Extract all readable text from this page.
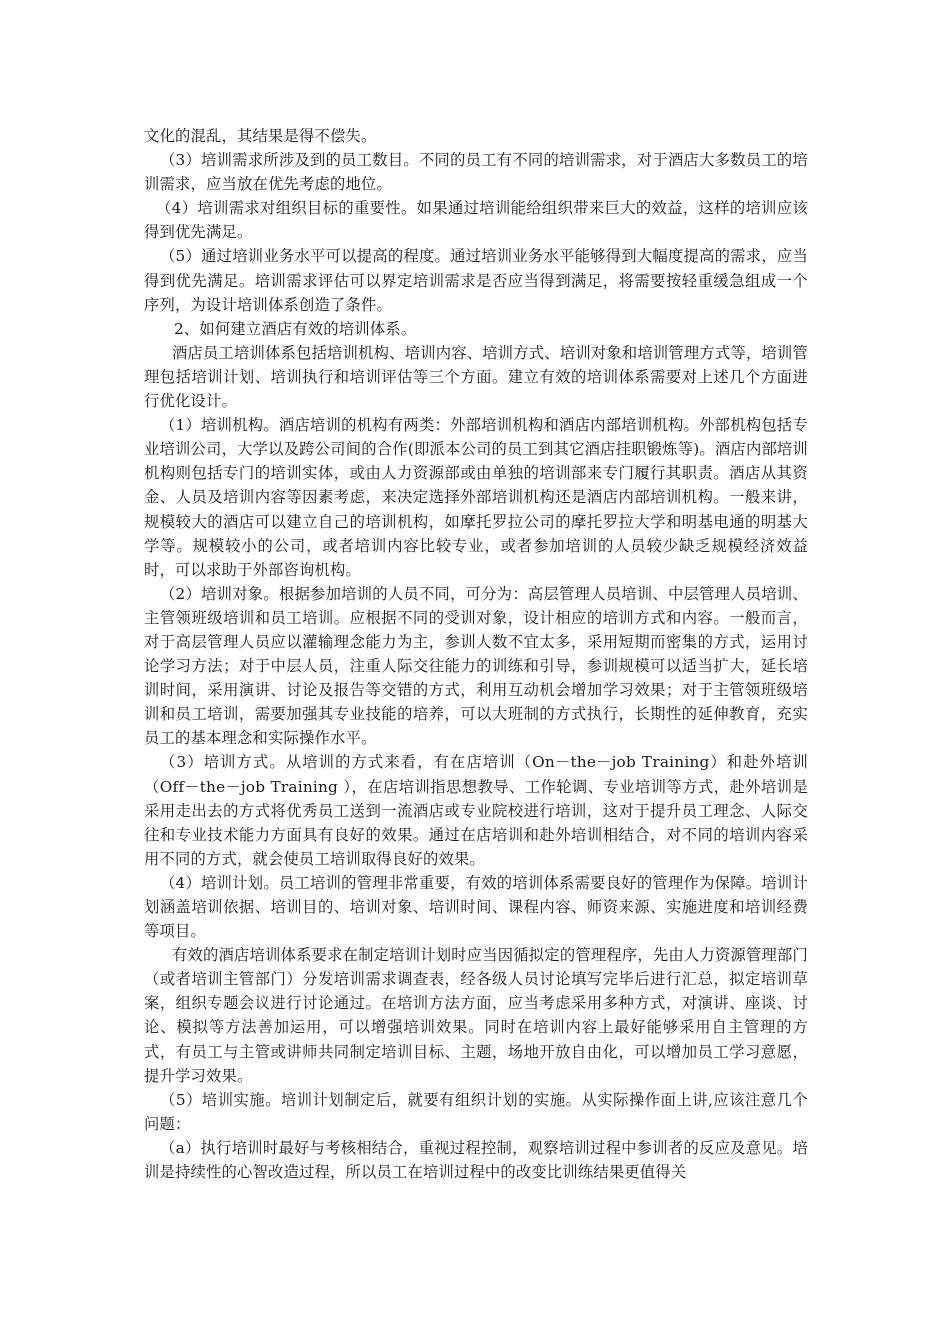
文化的混乱，其结果是得不偿失。

（3）培训需求所涉及到的员工数目。不同的员工有不同的培训需求，对于酒店大多数员工的培训需求，应当放在优先考虑的地位。

（4）培训需求对组织目标的重要性。如果通过培训能给组织带来巨大的效益，这样的培训应该得到优先满足。

（5）通过培训业务水平可以提高的程度。通过培训业务水平能够得到大幅度提高的需求，应当得到优先满足。培训需求评估可以界定培训需求是否应当得到满足，将需要按轻重缓急组成一个序列，为设计培训体系创造了条件。

2、如何建立酒店有效的培训体系。

酒店员工培训体系包括培训机构、培训内容、培训方式、培训对象和培训管理方式等，培训管理包括培训计划、培训执行和培训评估等三个方面。建立有效的培训体系需要对上述几个方面进行优化设计。

（1）培训机构。酒店培训的机构有两类：外部培训机构和酒店内部培训机构。外部机构包括专业培训公司，大学以及跨公司间的合作(即派本公司的员工到其它酒店挂职锻炼等)。酒店内部培训机构则包括专门的培训实体，或由人力资源部或由单独的培训部来专门履行其职责。酒店从其资金、人员及培训内容等因素考虑，来决定选择外部培训机构还是酒店内部培训机构。一般来讲，规模较大的酒店可以建立自己的培训机构，如摩托罗拉公司的摩托罗拉大学和明基电通的明基大学等。规模较小的公司，或者培训内容比较专业，或者参加培训的人员较少缺乏规模经济效益时，可以求助于外部咨询机构。

（2）培训对象。根据参加培训的人员不同，可分为：高层管理人员培训、中层管理人员培训、主管领班级培训和员工培训。应根据不同的受训对象，设计相应的培训方式和内容。一般而言，对于高层管理人员应以灌输理念能力为主，参训人数不宜太多，采用短期而密集的方式，运用讨论学习方法；对于中层人员，注重人际交往能力的训练和引导，参训规模可以适当扩大，延长培训时间，采用演讲、讨论及报告等交错的方式，利用互动机会增加学习效果；对于主管领班级培训和员工培训，需要加强其专业技能的培养，可以大班制的方式执行，长期性的延伸教育，充实员工的基本理念和实际操作水平。

（3）培训方式。从培训的方式来看，有在店培训（On－the－job Training）和赴外培训（Off－the－job Training ），在店培训指思想教导、工作轮调、专业培训等方式，赴外培训是采用走出去的方式将优秀员工送到一流酒店或专业院校进行培训，这对于提升员工理念、人际交往和专业技术能力方面具有良好的效果。通过在店培训和赴外培训相结合，对不同的培训内容采用不同的方式，就会使员工培训取得良好的效果。

（4）培训计划。员工培训的管理非常重要，有效的培训体系需要良好的管理作为保障。培训计划涵盖培训依据、培训目的、培训对象、培训时间、课程内容、师资来源、实施进度和培训经费等项目。

有效的酒店培训体系要求在制定培训计划时应当因循拟定的管理程序，先由人力资源管理部门（或者培训主管部门）分发培训需求调查表，经各级人员讨论填写完毕后进行汇总，拟定培训草案，组织专题会议进行讨论通过。在培训方法方面，应当考虑采用多种方式，对演讲、座谈、讨论、模拟等方法善加运用，可以增强培训效果。同时在培训内容上最好能够采用自主管理的方式，有员工与主管或讲师共同制定培训目标、主题，场地开放自由化，可以增加员工学习意愿，提升学习效果。

（5）培训实施。培训计划制定后，就要有组织计划的实施。从实际操作面上讲,应该注意几个问题：

（a）执行培训时最好与考核相结合，重视过程控制，观察培训过程中参训者的反应及意见。培训是持续性的心智改造过程，所以员工在培训过程中的改变比训练结果更值得关
